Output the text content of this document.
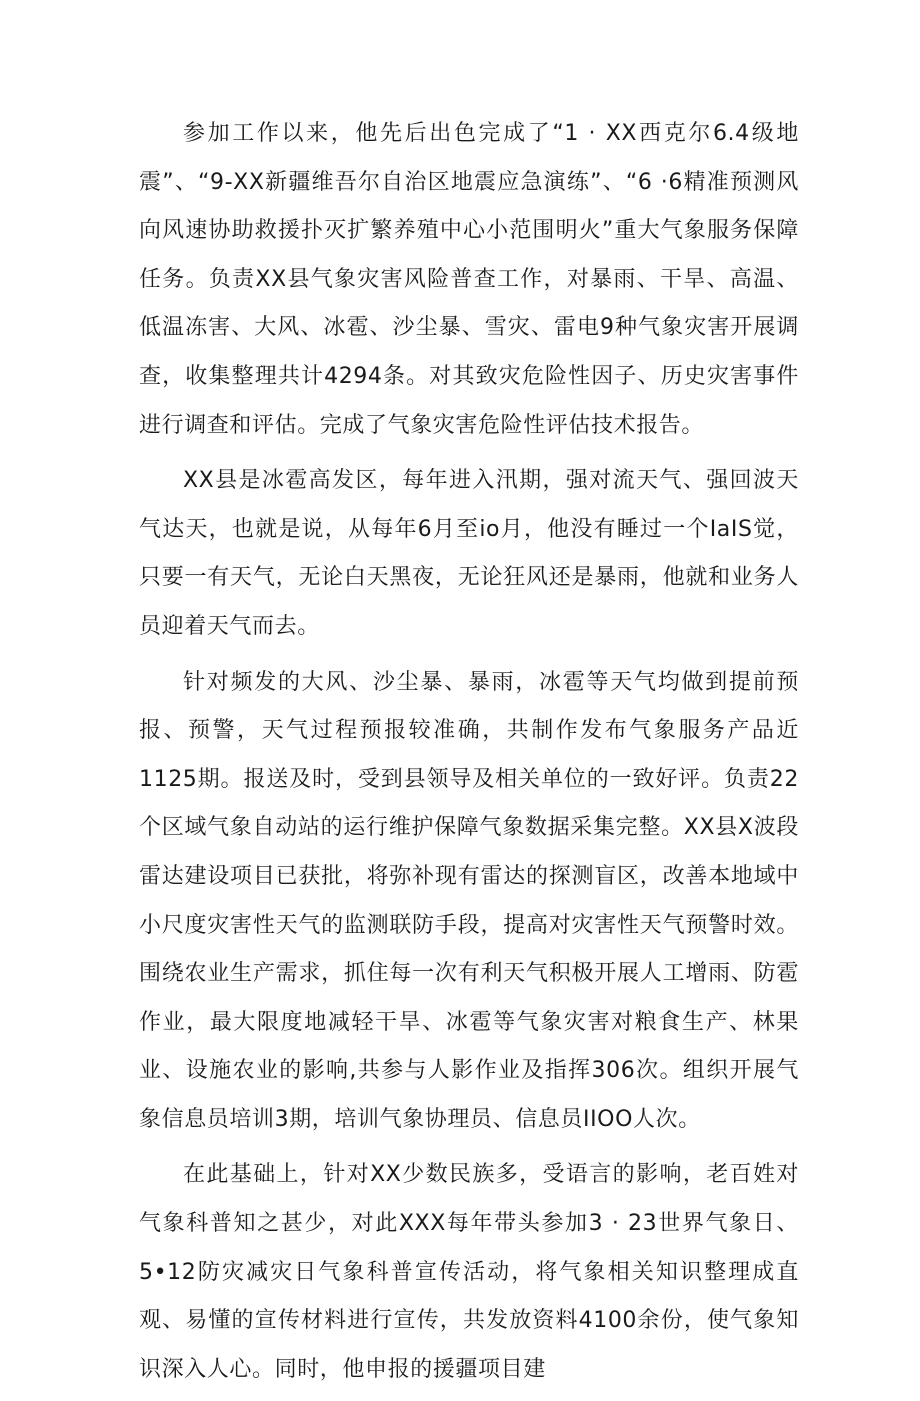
参加工作以来，他先后出色完成了“1 · XX西克尔6.4级地震”、“9-XX新疆维吾尔自治区地震应急演练”、“6 ·6精准预测风向风速协助救援扑灭扩繁养殖中心小范围明火”重大气象服务保障任务。负责XX县气象灾害风险普查工作，对暴雨、干旱、高温、低温冻害、大风、冰雹、沙尘暴、雪灾、雷电9种气象灾害开展调查，收集整理共计4294条。对其致灾危险性因子、历史灾害事件进行调查和评估。完成了气象灾害危险性评估技术报告。

XX县是冰雹高发区，每年进入汛期，强对流天气、强回波天气达天，也就是说，从每年6月至io月，他没有睡过一个IaIS觉，只要一有天气，无论白天黑夜，无论狂风还是暴雨，他就和业务人员迎着天气而去。

针对频发的大风、沙尘暴、暴雨，冰雹等天气均做到提前预报、预警，天气过程预报较准确，共制作发布气象服务产品近1125期。报送及时，受到县领导及相关单位的一致好评。负责22个区域气象自动站的运行维护保障气象数据采集完整。XX县X波段雷达建设项目已获批，将弥补现有雷达的探测盲区，改善本地域中小尺度灾害性天气的监测联防手段，提高对灾害性天气预警时效。围绕农业生产需求，抓住每一次有利天气积极开展人工增雨、防雹作业，最大限度地减轻干旱、冰雹等气象灾害对粮食生产、林果业、设施农业的影响,共参与人影作业及指挥306次。组织开展气象信息员培训3期，培训气象协理员、信息员IIOO人次。

在此基础上，针对XX少数民族多，受语言的影响，老百姓对气象科普知之甚少，对此XXX每年带头参加3 · 23世界气象日、5•12防灾减灾日气象科普宣传活动，将气象相关知识整理成直观、易懂的宣传材料进行宣传，共发放资料4100余份，使气象知识深入人心。同时，他申报的援疆项目建
